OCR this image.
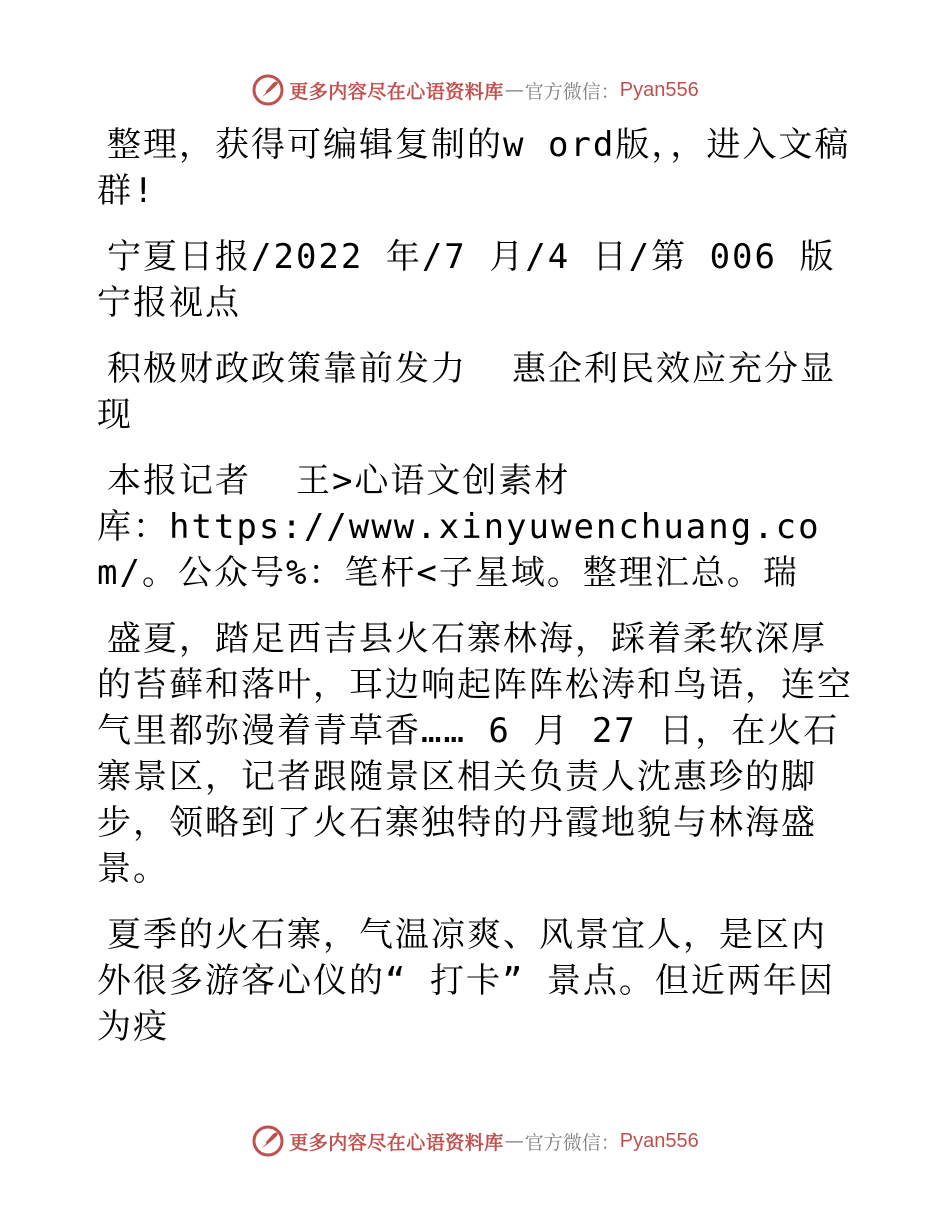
更多内容尽在心语资料库 — 官方微信： Pyan556

整理，获得可编辑复制的w ord版，，进入文稿群!

宁夏日报/2022 年/7 月/4 日/第 006 版宁报视点

积极财政政策靠前发力  惠企利民效应充分显现

本报记者  王>心语文创素材

库：https://www.xinyuwenchuang.com/。公众号%：笔杆<子星域。整理汇总。瑞

盛夏，踏足西吉县火石寨林海，踩着柔软深厚的苔藓和落叶，耳边响起阵阵松涛和鸟语，连空气里都弥漫着青草香…… 6 月 27 日，在火石寨景区，记者跟随景区相关负责人沈惠珍的脚步，领略到了火石寨独特的丹霞地貌与林海盛景。

夏季的火石寨，气温凉爽、风景宜人，是区内外很多游客心仪的“ 打卡” 景点。但近两年因为疫

更多内容尽在心语资料库 — 官方微信： Pyan556
